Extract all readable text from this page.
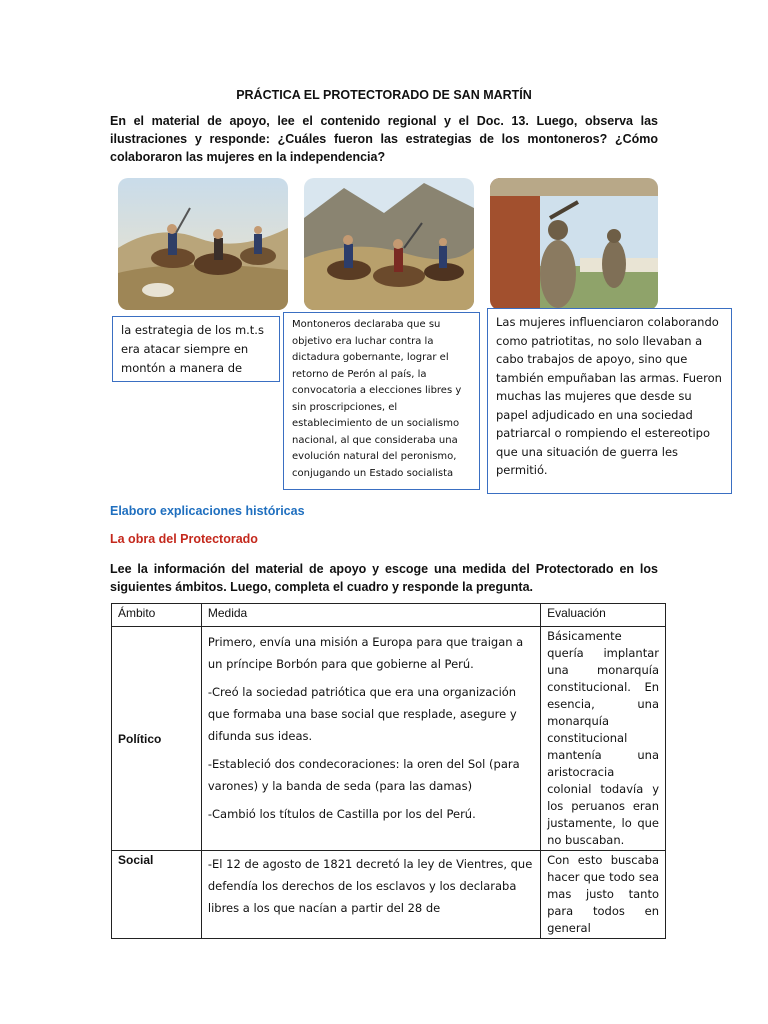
PRÁCTICA EL PROTECTORADO DE SAN MARTÍN
En el material de apoyo, lee el contenido regional y el Doc. 13. Luego, observa las ilustraciones y responde: ¿Cuáles fueron las estrategias de los montoneros? ¿Cómo colaboraron las mujeres en la independencia?
la estrategia de los m.t.s era atacar siempre en montón a manera de
Montoneros declaraba que su objetivo era luchar contra la dictadura gobernante, lograr el retorno de Perón al país, la convocatoria a elecciones libres y sin proscripciones, el establecimiento de un socialismo nacional, al que consideraba una evolución natural del peronismo, conjugando un Estado socialista
Las mujeres influenciaron colaborando como patriotitas, no solo llevaban a cabo trabajos de apoyo, sino que también empuñaban las armas. Fueron muchas las mujeres que desde su papel adjudicado en una sociedad patriarcal o rompiendo el estereotipo que una situación de guerra les permitió.
Elaboro explicaciones históricas
La obra del Protectorado
Lee la información del material de apoyo y escoge una medida del Protectorado en los siguientes ámbitos. Luego, completa el cuadro y responde la pregunta.
Ámbito	Medida	Evaluación
Político	Primero, envía una misión a Europa para que traigan a un príncipe Borbón para que gobierne al Perú.

-Creó la sociedad patriótica que era una organización que formaba una base social que resplade, asegure y difunda sus ideas.

-Estableció dos condecoraciones: la oren del Sol (para varones) y la banda de seda (para las damas)

-Cambió los títulos de Castilla por los del Perú.	Básicamente quería implantar una monarquía constitucional. En esencia, una monarquía constitucional mantenía una aristocracia colonial todavía y los peruanos eran justamente, lo que no buscaban.
Social	-El 12 de agosto de 1821 decretó la ley de Vientres, que defendía los derechos de los esclavos y los declaraba libres a los que nacían a partir del 28 de	Con esto buscaba hacer que todo sea mas justo tanto para todos en general
